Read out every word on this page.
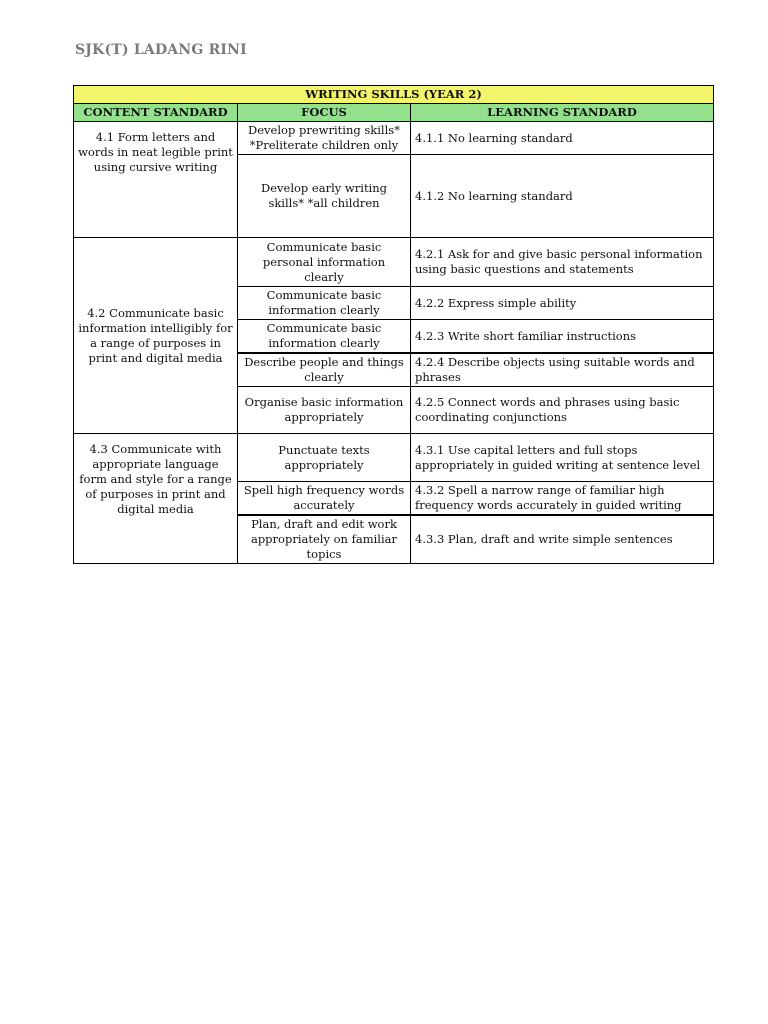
SJK(T) LADANG RINI
WRITING SKILLS (YEAR 2)		
CONTENT STANDARD	FOCUS	LEARNING STANDARD
4.1 Form letters and words in neat legible print using cursive writing	Develop prewriting skills* *Preliterate children only	4.1.1 No learning standard
	Develop early writing skills* *all children	4.1.2 No learning standard
4.2 Communicate basic information intelligibly for a range of purposes in print and digital media	Communicate basic personal information clearly	4.2.1 Ask for and give basic personal information using basic questions and statements
	Communicate basic information clearly	4.2.2 Express simple ability
	Communicate basic information clearly	4.2.3 Write short familiar instructions
	Describe people and things clearly	4.2.4 Describe objects using suitable words and phrases
	Organise basic information appropriately	4.2.5 Connect words and phrases using basic coordinating conjunctions
4.3 Communicate with appropriate language form and style for a range of purposes in print and digital media	Punctuate texts appropriately	4.3.1 Use capital letters and full stops appropriately in guided writing at sentence level
	Spell high frequency words accurately	4.3.2 Spell a narrow range of familiar high frequency words accurately in guided writing
	Plan, draft and edit work appropriately on familiar topics	4.3.3 Plan, draft and write simple sentences
